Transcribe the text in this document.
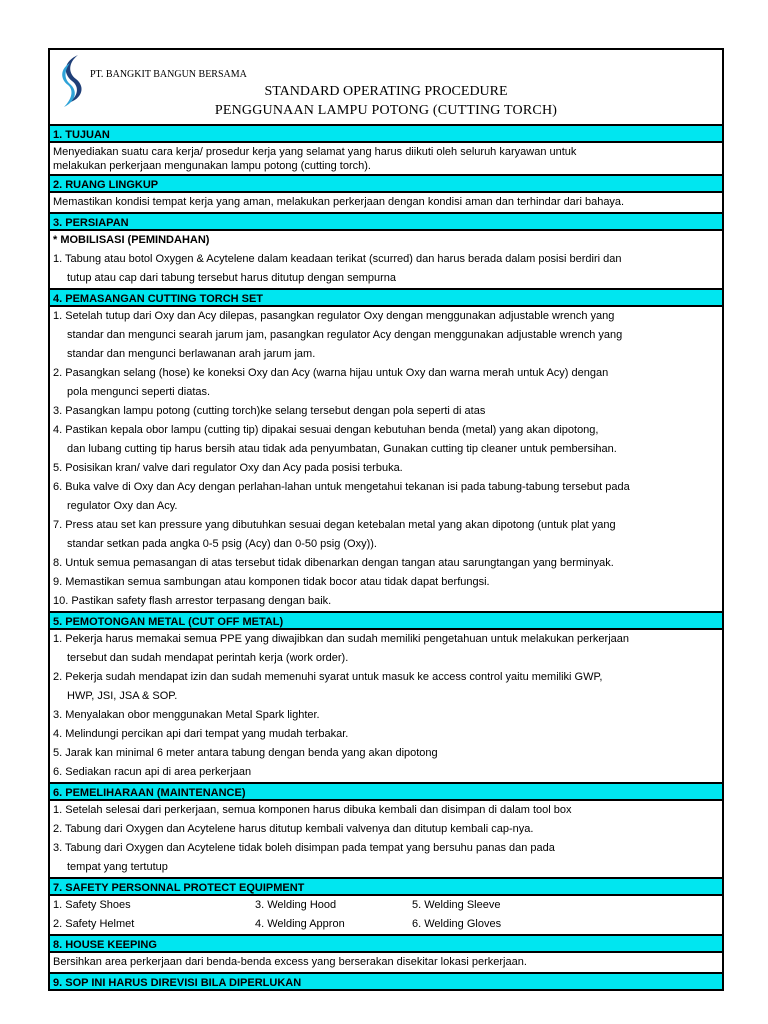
PT. BANGKIT BANGUN BERSAMA
STANDARD OPERATING PROCEDURE
PENGGUNAAN LAMPU POTONG (CUTTING TORCH)
1. TUJUAN
Menyediakan suatu cara kerja/ prosedur kerja yang selamat yang harus diikuti oleh seluruh karyawan untuk
melakukan perkerjaan mengunakan lampu potong (cutting torch).
2. RUANG LINGKUP
Memastikan kondisi tempat kerja yang aman, melakukan perkerjaan dengan kondisi aman dan terhindar dari bahaya.
3. PERSIAPAN
* MOBILISASI (PEMINDAHAN)
1. Tabung atau botol Oxygen & Acytelene dalam keadaan terikat (scurred) dan harus berada dalam posisi berdiri dan
tutup atau cap dari tabung tersebut harus ditutup dengan sempurna
4. PEMASANGAN CUTTING TORCH SET
1. Setelah tutup dari Oxy dan Acy dilepas, pasangkan regulator Oxy dengan menggunakan adjustable wrench yang
standar dan mengunci searah jarum jam, pasangkan regulator Acy dengan menggunakan adjustable wrench yang
standar dan mengunci berlawanan arah jarum jam.
2. Pasangkan selang (hose) ke koneksi Oxy dan Acy (warna hijau untuk Oxy dan warna merah untuk Acy) dengan
pola mengunci seperti diatas.
3. Pasangkan lampu potong (cutting torch)ke selang tersebut dengan pola seperti di atas
4. Pastikan kepala obor lampu (cutting tip) dipakai sesuai dengan kebutuhan benda (metal) yang akan dipotong,
dan lubang cutting tip harus bersih atau tidak ada penyumbatan, Gunakan cutting tip cleaner untuk pembersihan.
5. Posisikan kran/ valve dari regulator Oxy dan Acy pada posisi terbuka.
6. Buka valve di Oxy dan Acy dengan perlahan-lahan untuk mengetahui tekanan isi pada tabung-tabung tersebut pada
regulator Oxy dan Acy.
7. Press atau set kan pressure yang dibutuhkan sesuai degan ketebalan metal yang akan dipotong (untuk plat yang
standar setkan pada angka 0-5 psig (Acy) dan 0-50 psig (Oxy)).
8. Untuk semua pemasangan di atas tersebut tidak dibenarkan dengan tangan atau sarungtangan yang berminyak.
9. Memastikan semua sambungan atau komponen tidak bocor atau tidak dapat berfungsi.
10. Pastikan safety flash arrestor terpasang dengan baik.
5. PEMOTONGAN METAL (CUT OFF METAL)
1. Pekerja harus memakai semua PPE yang diwajibkan dan sudah memiliki pengetahuan untuk melakukan perkerjaan
tersebut dan sudah mendapat perintah kerja (work order).
2. Pekerja sudah mendapat izin dan sudah memenuhi syarat untuk masuk ke access control yaitu memiliki GWP,
HWP, JSI, JSA & SOP.
3. Menyalakan obor menggunakan Metal Spark lighter.
4. Melindungi percikan api dari tempat yang mudah terbakar.
5. Jarak kan minimal 6 meter antara tabung dengan benda yang akan dipotong
6. Sediakan racun api di area perkerjaan
6. PEMELIHARAAN (MAINTENANCE)
1. Setelah selesai dari perkerjaan, semua komponen harus dibuka kembali dan disimpan di dalam tool box
2. Tabung dari Oxygen dan Acytelene harus ditutup kembali valvenya dan ditutup kembali cap-nya.
3. Tabung dari Oxygen dan Acytelene tidak boleh disimpan pada tempat yang bersuhu panas dan pada
tempat yang tertutup
7. SAFETY PERSONNAL PROTECT EQUIPMENT
1. Safety Shoes	3. Welding Hood	5. Welding Sleeve
2. Safety Helmet	4. Welding Appron	6. Welding Gloves
8. HOUSE KEEPING
Bersihkan area perkerjaan dari benda-benda excess yang berserakan disekitar lokasi perkerjaan.
9. SOP INI HARUS DIREVISI BILA DIPERLUKAN
